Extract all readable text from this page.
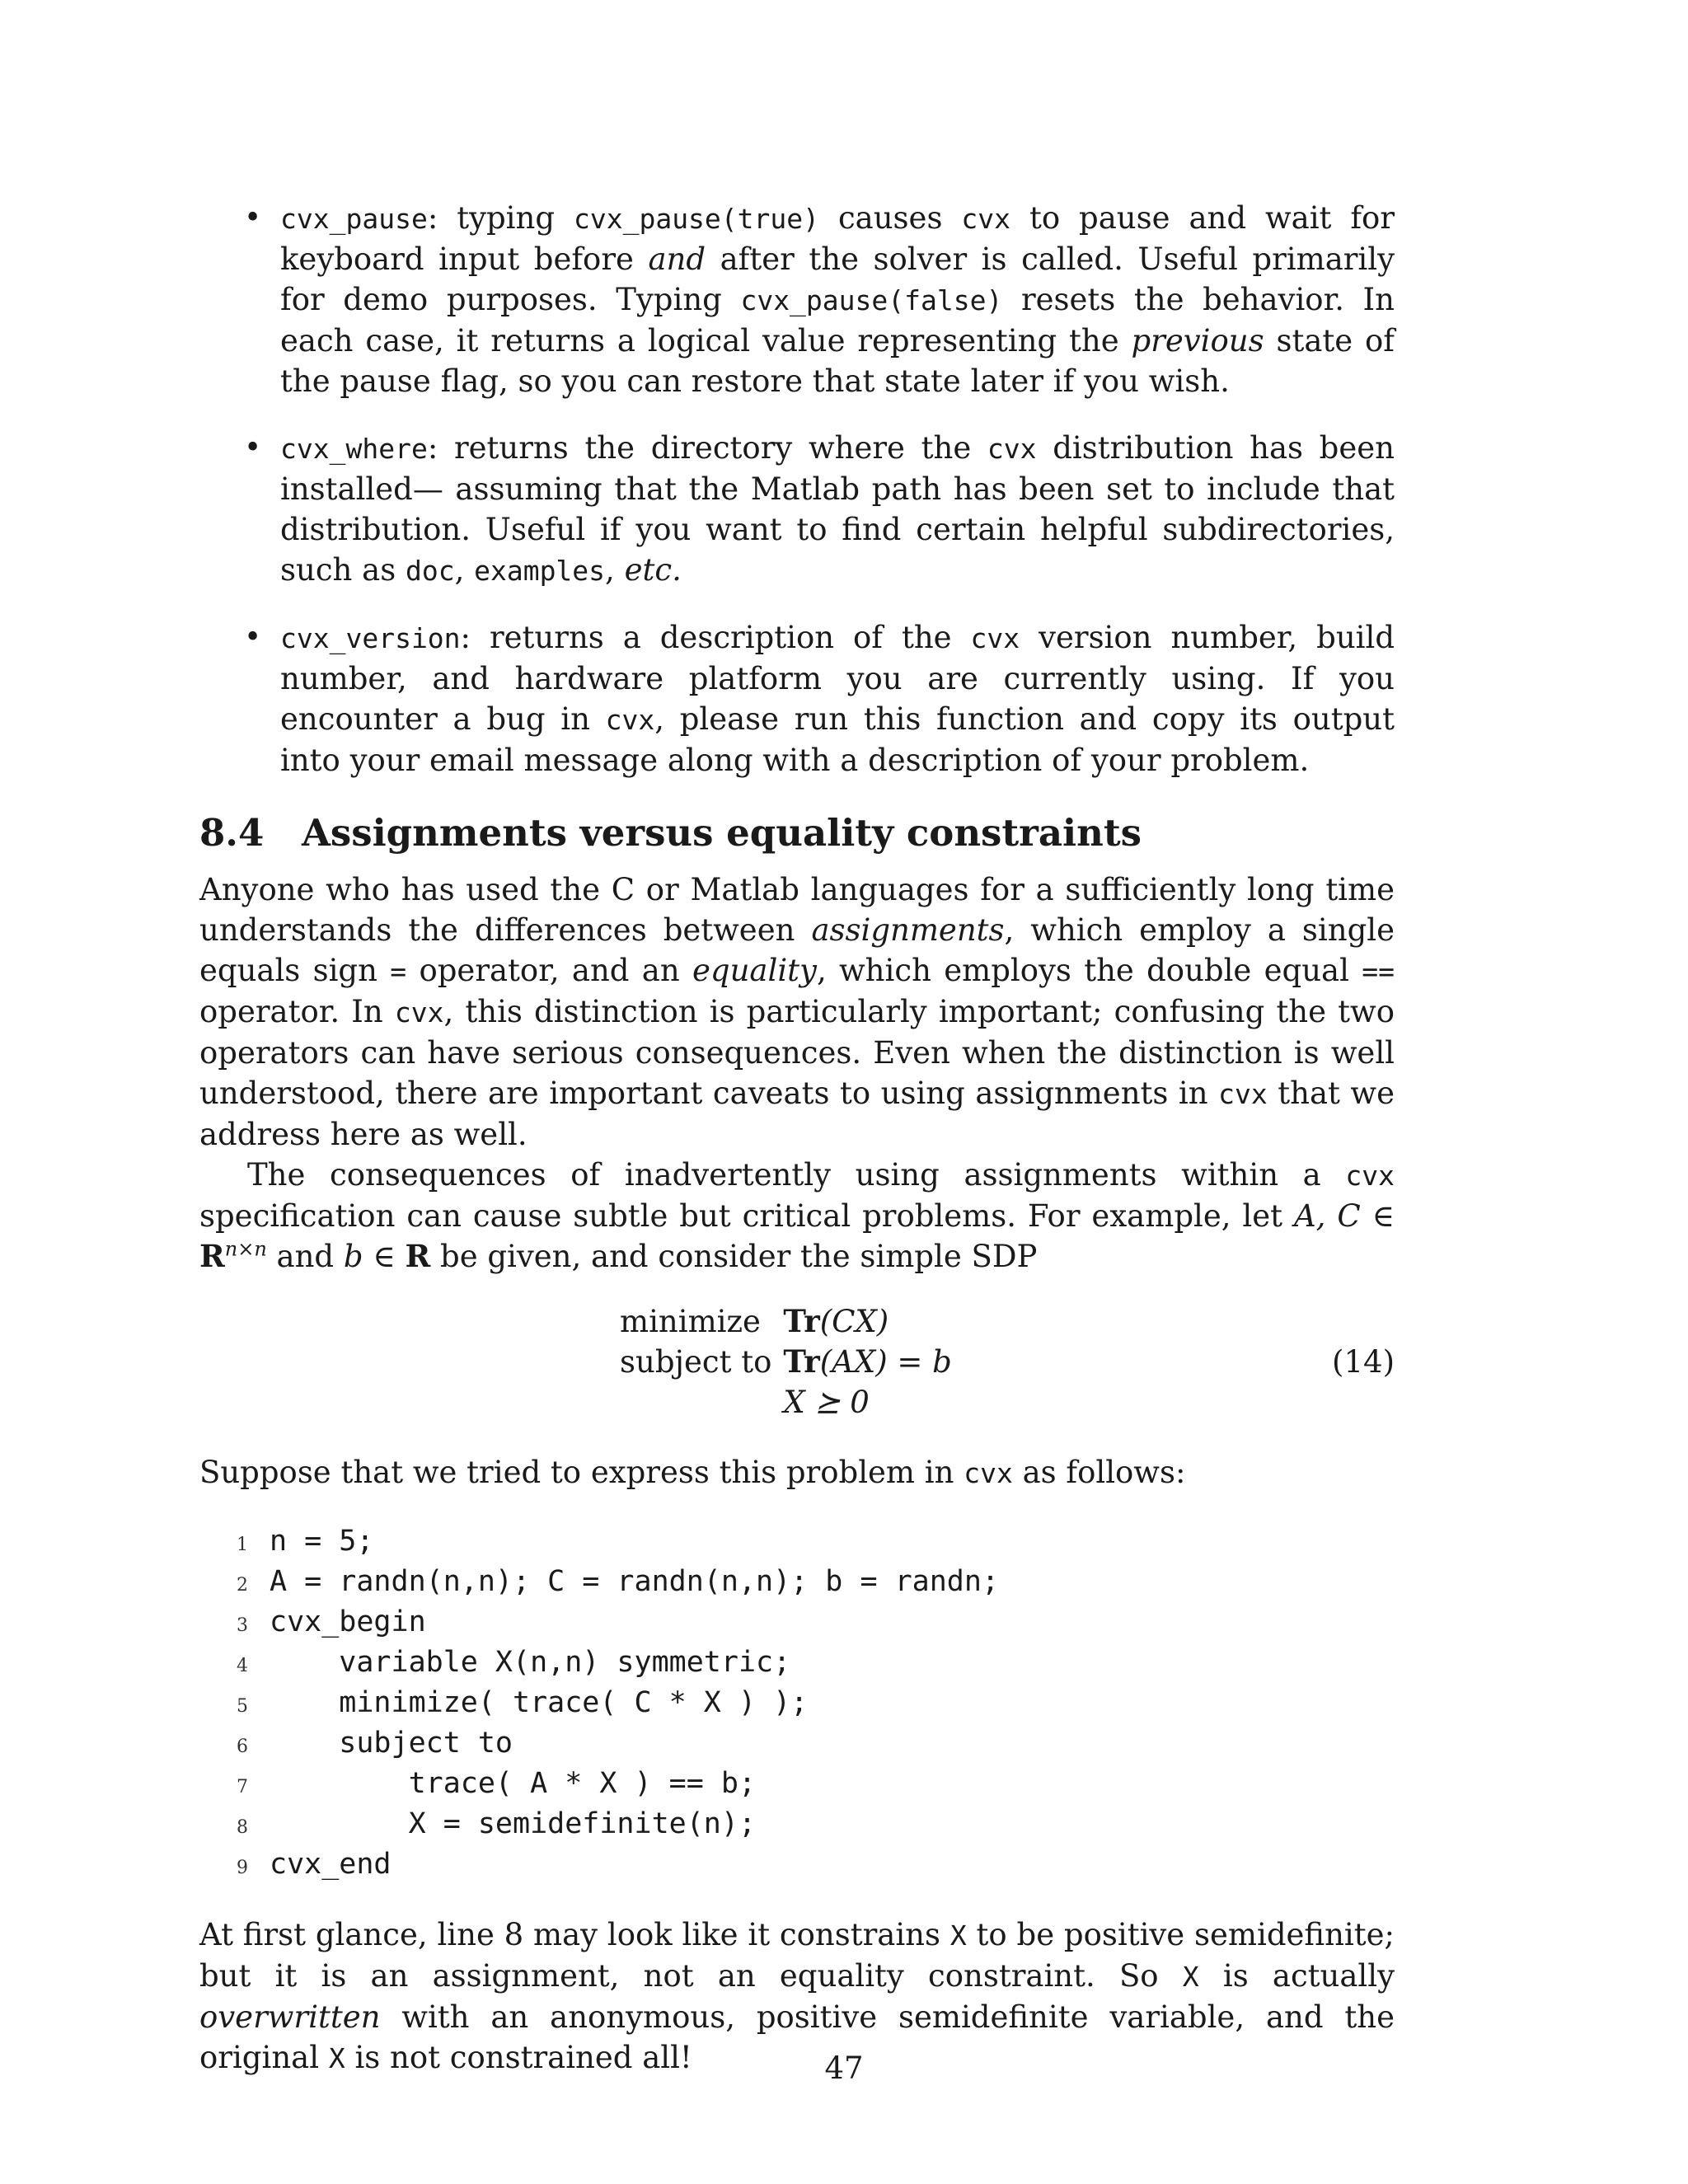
• cvx_pause: typing cvx_pause(true) causes cvx to pause and wait for keyboard input before and after the solver is called. Useful primarily for demo purposes. Typing cvx_pause(false) resets the behavior. In each case, it returns a logical value representing the previous state of the pause flag, so you can restore that state later if you wish.
• cvx_where: returns the directory where the cvx distribution has been installed— assuming that the Matlab path has been set to include that distribution. Useful if you want to find certain helpful subdirectories, such as doc, examples, etc.
• cvx_version: returns a description of the cvx version number, build number, and hardware platform you are currently using. If you encounter a bug in cvx, please run this function and copy its output into your email message along with a description of your problem.
8.4 Assignments versus equality constraints

Anyone who has used the C or Matlab languages for a sufficiently long time understands the differences between assignments, which employ a single equals sign = operator, and an equality, which employs the double equal == operator. In cvx, this distinction is particularly important; confusing the two operators can have serious consequences. Even when the distinction is well understood, there are important caveats to using assignments in cvx that we address here as well.

The consequences of inadvertently using assignments within a cvx specification can cause subtle but critical problems. For example, let A, C ∈ $R^{n\times n}$ and b ∈ R be given, and consider the simple SDP

minimize	Tr(CX)
subject to	Tr(AX) = b
	X ⪰ 0
(14)

Suppose that we tried to express this problem in cvx as follows:

1 n = 5;
2 A = randn(n,n); C = randn(n,n); b = randn;
3 cvx_begin
4 variable X(n,n) symmetric;
5 minimize( trace( C * X ) );
6 subject to
7 trace( A * X ) == b;
8 X = semidefinite(n);
9 cvx_end

At first glance, line 8 may look like it constrains X to be positive semidefinite; but it is an assignment, not an equality constraint. So X is actually overwritten with an anonymous, positive semidefinite variable, and the original X is not constrained all!	47
